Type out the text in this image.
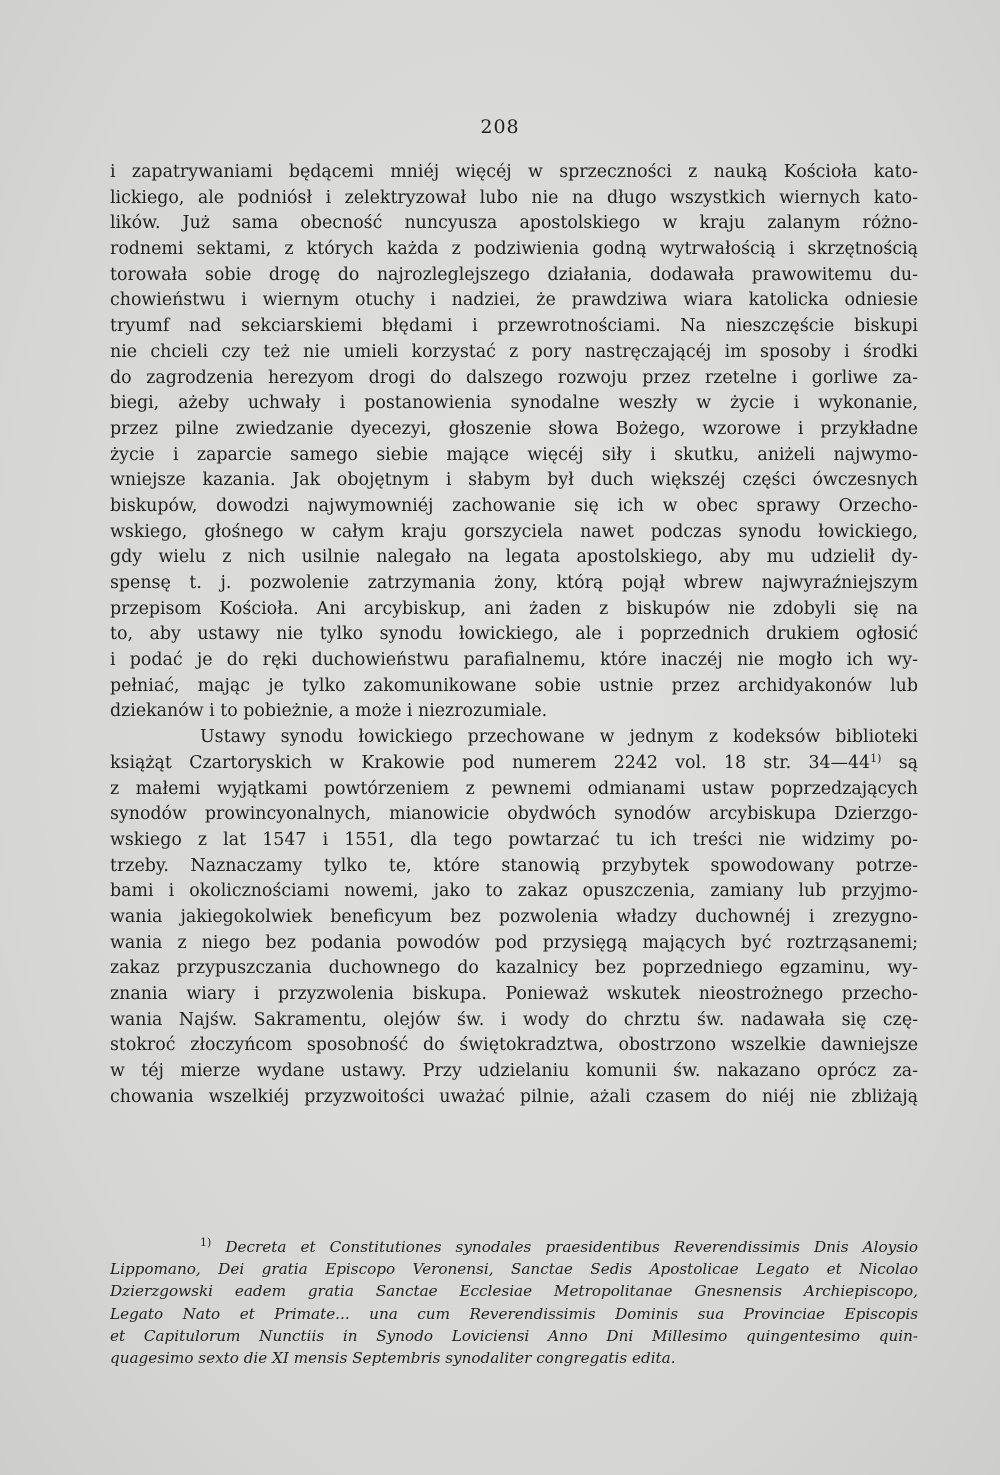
208
i zapatrywaniami będącemi mniéj więcéj w sprzeczności z nauką Kościoła kato-
lickiego, ale podniósł i zelektryzował lubo nie na długo wszystkich wiernych kato-
lików. Już sama obecność nuncyusza apostolskiego w kraju zalanym różno-
rodnemi sektami, z których każda z podziwienia godną wytrwałością i skrzętnością
torowała sobie drogę do najrozleglejszego działania, dodawała prawowitemu du-
chowieństwu i wiernym otuchy i nadziei, że prawdziwa wiara katolicka odniesie
tryumf nad sekciarskiemi błędami i przewrotnościami. Na nieszczęście biskupi
nie chcieli czy też nie umieli korzystać z pory nastręczającéj im sposoby i środki
do zagrodzenia herezyom drogi do dalszego rozwoju przez rzetelne i gorliwe za-
biegi, ażeby uchwały i postanowienia synodalne weszły w życie i wykonanie,
przez pilne zwiedzanie dyecezyi, głoszenie słowa Bożego, wzorowe i przykładne
życie i zaparcie samego siebie mające więcéj siły i skutku, aniżeli najwymo-
wniejsze kazania. Jak obojętnym i słabym był duch większéj części ówczesnych
biskupów, dowodzi najwymowniéj zachowanie się ich w obec sprawy Orzecho-
wskiego, głośnego w całym kraju gorszyciela nawet podczas synodu łowickiego,
gdy wielu z nich usilnie nalegało na legata apostolskiego, aby mu udzielił dy-
spensę t. j. pozwolenie zatrzymania żony, którą pojął wbrew najwyraźniejszym
przepisom Kościoła. Ani arcybiskup, ani żaden z biskupów nie zdobyli się na
to, aby ustawy nie tylko synodu łowickiego, ale i poprzednich drukiem ogłosić
i podać je do ręki duchowieństwu parafialnemu, które inaczéj nie mogło ich wy-
pełniać, mając je tylko zakomunikowane sobie ustnie przez archidyakonów lub
dziekanów i to pobieżnie, a może i niezrozumiale.
Ustawy synodu łowickiego przechowane w jednym z kodeksów biblioteki
książąt Czartoryskich w Krakowie pod numerem 2242 vol. 18 str. 34—44$^{1)}$ są
z małemi wyjątkami powtórzeniem z pewnemi odmianami ustaw poprzedzających
synodów prowincyonalnych, mianowicie obydwóch synodów arcybiskupa Dzierzgo-
wskiego z lat 1547 i 1551, dla tego powtarzać tu ich treści nie widzimy po-
trzeby. Naznaczamy tylko te, które stanowią przybytek spowodowany potrze-
bami i okolicznościami nowemi, jako to zakaz opuszczenia, zamiany lub przyjmo-
wania jakiegokolwiek beneficyum bez pozwolenia władzy duchownéj i zrezygno-
wania z niego bez podania powodów pod przysięgą mających być roztrząsanemi;
zakaz przypuszczania duchownego do kazalnicy bez poprzedniego egzaminu, wy-
znania wiary i przyzwolenia biskupa. Ponieważ wskutek nieostrożnego przecho-
wania Najśw. Sakramentu, olejów św. i wody do chrztu św. nadawała się czę-
stokroć złoczyńcom sposobność do świętokradztwa, obostrzono wszelkie dawniejsze
w téj mierze wydane ustawy. Przy udzielaniu komunii św. nakazano oprócz za-
chowania wszelkiéj przyzwoitości uważać pilnie, ażali czasem do niéj nie zbliżają
$^{1)}$ Decreta et Constitutiones synodales praesidentibus Reverendissimis Dnis Aloysio
Lippomano, Dei gratia Episcopo Veronensi, Sanctae Sedis Apostolicae Legato et Nicolao
Dzierzgowski eadem gratia Sanctae Ecclesiae Metropolitanae Gnesnensis Archiepiscopo,
Legato Nato et Primate... una cum Reverendissimis Dominis sua Provinciae Episcopis
et Capitulorum Nunctiis in Synodo Loviciensi Anno Dni Millesimo quingentesimo quin-
quagesimo sexto die XI mensis Septembris synodaliter congregatis edita.
